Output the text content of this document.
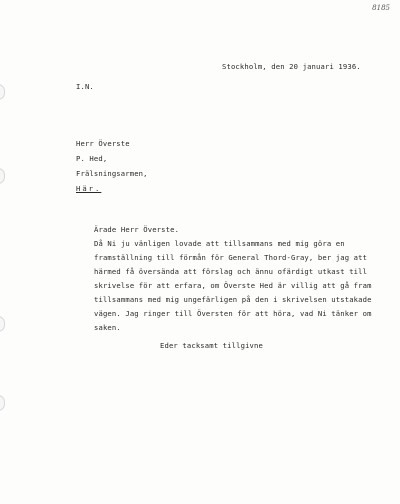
8185
Stockholm, den 20 januari 1936.
I.N.
Herr Överste
P. Hed,
Frälsningsarmen,
Här.
Ärade Herr Överste.
Då Ni ju vänligen lovade att tillsammans med mig göra en
framställning till förmån för General Thord-Gray, ber jag att
härmed få översända att förslag och ännu ofärdigt utkast till
skrivelse för att erfara, om Överste Hed är villig att gå fram
tillsammans med mig ungefärligen på den i skrivelsen utstakade
vägen. Jag ringer till Översten för att höra, vad Ni tänker om
saken.
Eder tacksamt tillgivne
